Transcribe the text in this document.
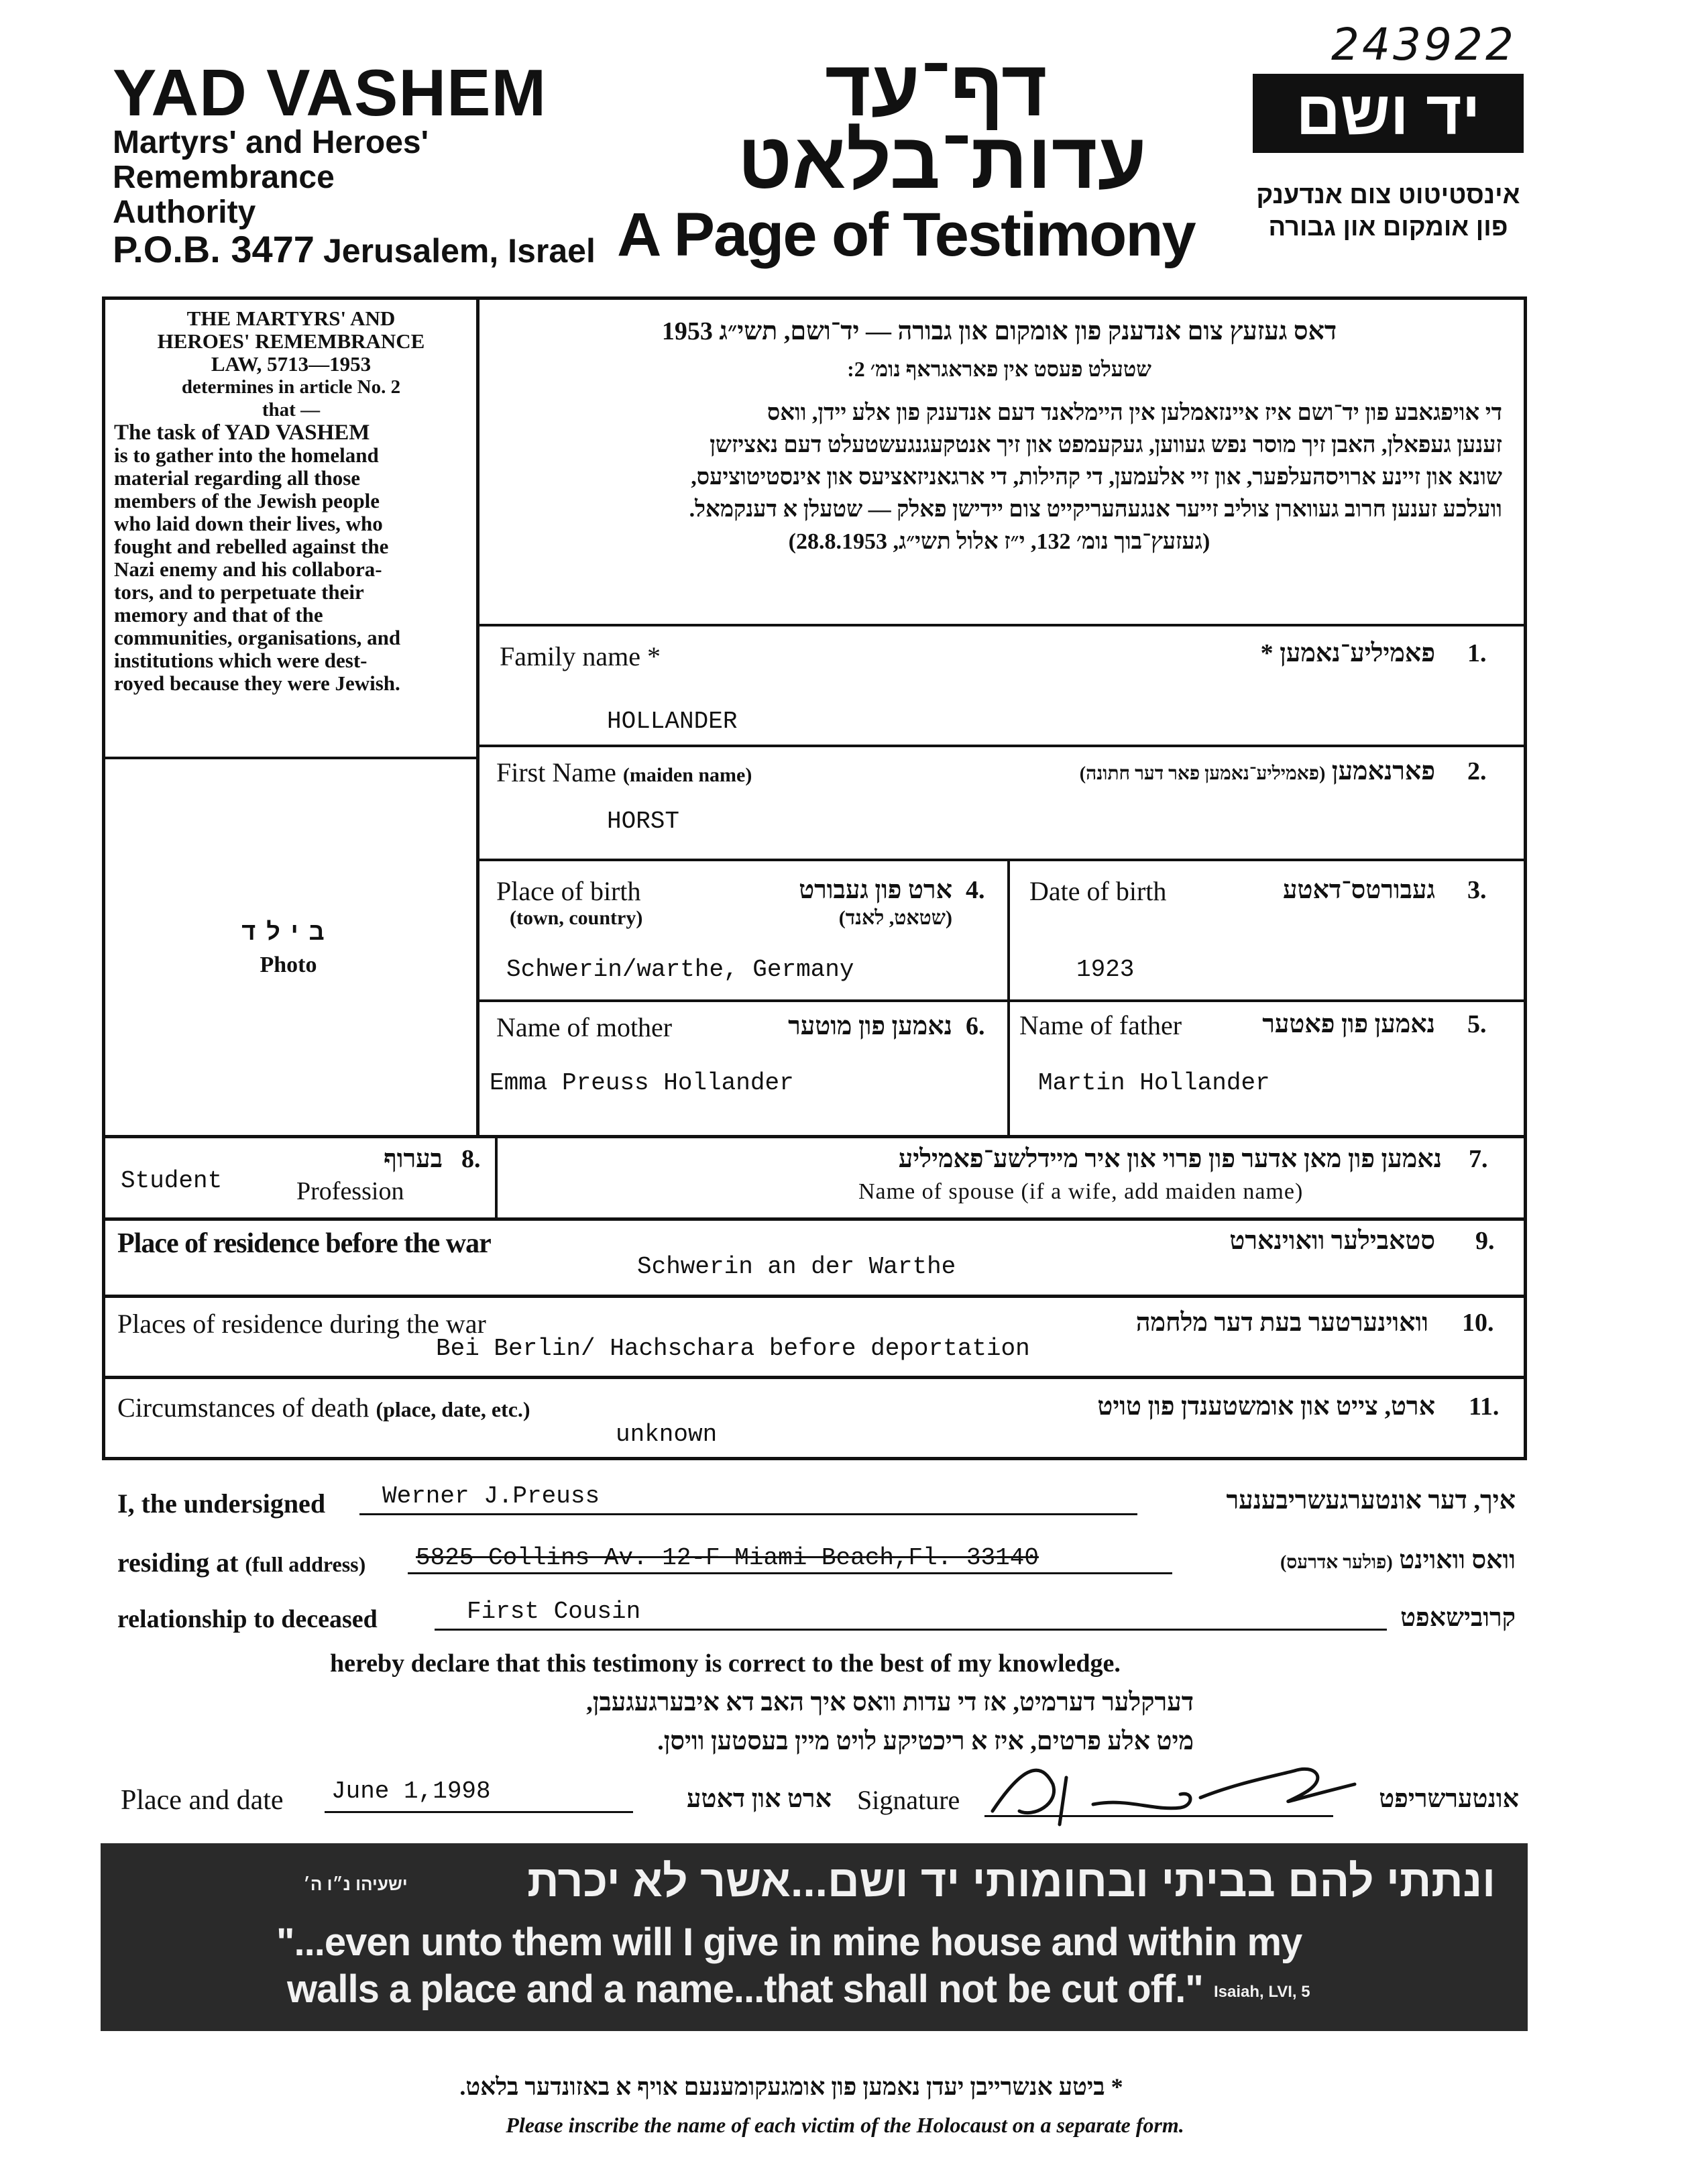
243922
YAD VASHEM
Martyrs' and Heroes'
Remembrance
Authority
P.O.B. 3477 Jerusalem, Israel
דף־עד
עדות־בלאט
A Page of Testimony
יד ושם
אינסטיטוט צום אנדענק
פון אומקום און גבורה
THE MARTYRS' AND
HEROES' REMEMBRANCE
LAW, 5713—1953
determines in article No. 2
that —
The task of YAD VASHEM
is to gather into the homeland
material regarding all those
members of the Jewish people
who laid down their lives, who
fought and rebelled against the
Nazi enemy and his collabora-
tors, and to perpetuate their
memory and that of the
communities, organisations, and
institutions which were dest-
royed because they were Jewish.
בילד
Photo
דאס געזעץ צום אנדענק פון אומקום און גבורה — יד־ושם, תשי״ג 1953
שטעלט פעסט אין פאראגראף נומ׳ 2:
די אויפגאבע פון יד־ושם איז איינזאמלען אין היימלאנד דעם אנדענק פון אלע יידן, וואס
זענען געפאלן, האבן זיך מוסר נפש געווען, געקעמפט און זיך אנטקעגנגעשטעלט דעם נאציזשן
שונא און זיינע ארויסהעלפער, און זיי אלעמען, די קהילות, די ארגאניזאציעס און אינסטיטוציעס,
וועלכע זענען חרוב געווארן צוליב זייער אנגעהעריקייט צום יידישן פאלק — שטעלן א דענקמאל.
(געזעץ־בוך נומ׳ 132, י״ז אלול תשי״ג, 28.8.1953)
Family name *	פאמיליע־נאמען * 1.
HOLLANDER
First Name (maiden name)	פארנאמען (פאמיליע־נאמען פאר דער חתונה)	2.
HORST
Place of birth
(town, country)
ארט פון געבורט
(שטאט, לאנד)
4.
Schwerin/warthe, Germany
Date of birth	געבורטס־דאטע 3.
1923
Name of mother	נאמען פון מוטער 6.
Emma Preuss Hollander
Name of father	נאמען פון פאטער 5.
Martin Hollander
Student
בערוף 8.
Profession
נאמען פון מאן אדער פון פרוי און איר מיידלשע־פאמיליע 7.
Name of spouse (if a wife, add maiden name)
Place of residence before the war	סטאבילער וואוינארט 9.
Schwerin an der Warthe
Places of residence during the war	וואוינערטער בעת דער מלחמה 10.
Bei Berlin/ Hachschara before deportation
Circumstances of death (place, date, etc.)	ארט, צייט און אומשטענדן פון טויט 11.
unknown
I, the undersigned Werner J.Preuss	איך, דער אונטערגעשריבענער
residing at (full address) 5825 Collins Av. 12-F Miami Beach,Fl. 33140	וואס וואוינט (פולער אדרעס)
relationship to deceased	First Cousin	קרובישאפט
hereby declare that this testimony is correct to the best of my knowledge.
דערקלער דערמיט, אז די עדות וואס איך האב דא איבערגעגעבן,
מיט אלע פרטים, איז א ריכטיקע לויט מיין בעסטען וויסן.
Place and date June 1,1998	ארט און דאטע Signature	אונטערשריפט
ונתתי להם בביתי ובחומותי יד ושם...אשר לא יכרת
ישעיהו נ״ו ה׳
"...even unto them will I give in mine house and within my
walls a place and a name...that shall not be cut off." Isaiah, LVI, 5
* ביטע אנשרייבן יעדן נאמען פון אומגעקומענעם אויף א באזונדער בלאט.
Please inscribe the name of each victim of the Holocaust on a separate form.
